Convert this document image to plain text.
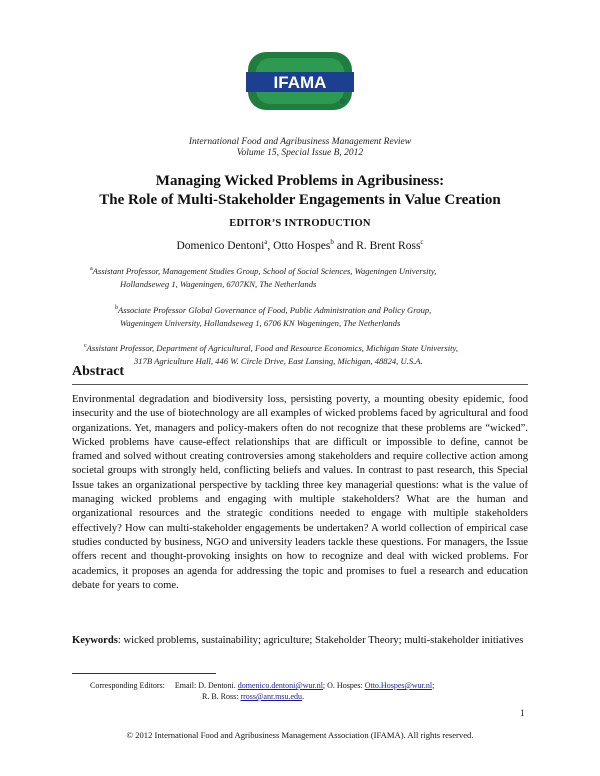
IFAMA
®
International Food and Agribusiness Management Review
Volume 15, Special Issue B, 2012
Managing Wicked Problems in Agribusiness:
The Role of Multi-Stakeholder Engagements in Value Creation
EDITOR’S INTRODUCTION
Domenico Dentoni$^a$, Otto Hospes$^b$ and R. Brent Ross$^c$
$^a$Assistant Professor, Management Studies Group, School of Social Sciences, Wageningen University,
Hollandseweg 1, Wageningen, 6707KN, The Netherlands
$^b$Associate Professor Global Governance of Food, Public Administration and Policy Group,
Wageningen University, Hollandseweg 1, 6706 KN Wageningen, The Netherlands
$^c$Assistant Professor, Department of Agricultural, Food and Resource Economics, Michigan State University,
317B Agriculture Hall, 446 W. Circle Drive, East Lansing, Michigan, 48824, U.S.A.
Abstract
Environmental degradation and biodiversity loss, persisting poverty, a mounting obesity epidemic, food insecurity and the use of biotechnology are all examples of wicked problems faced by agricultural and food organizations. Yet, managers and policy-makers often do not recognize that these problems are “wicked”. Wicked problems have cause-effect relationships that are difficult or impossible to define, cannot be framed and solved without creating controversies among stakeholders and require collective action among societal groups with strongly held, conflicting beliefs and values. In contrast to past research, this Special Issue takes an organizational perspective by tackling three key managerial questions: what is the value of managing wicked problems and engaging with multiple stakeholders? What are the human and organizational resources and the strategic conditions needed to engage with multiple stakeholders effectively? How can multi-stakeholder engagements be undertaken? A world collection of empirical case studies conducted by business, NGO and university leaders tackle these questions. For managers, the Issue offers recent and thought-provoking insights on how to recognize and deal with wicked problems. For academics, it proposes an agenda for addressing the topic and promises to fuel a research and education debate for years to come.
Keywords: wicked problems, sustainability; agriculture; Stakeholder Theory; multi-stakeholder initiatives
Corresponding Editors: Email: D. Dentoni. domenico.dentoni@wur.nl; O. Hospes: Otto.Hospes@wur.nl;
R. B. Ross: rross@anr.msu.edu.
1
© 2012 International Food and Agribusiness Management Association (IFAMA). All rights reserved.
